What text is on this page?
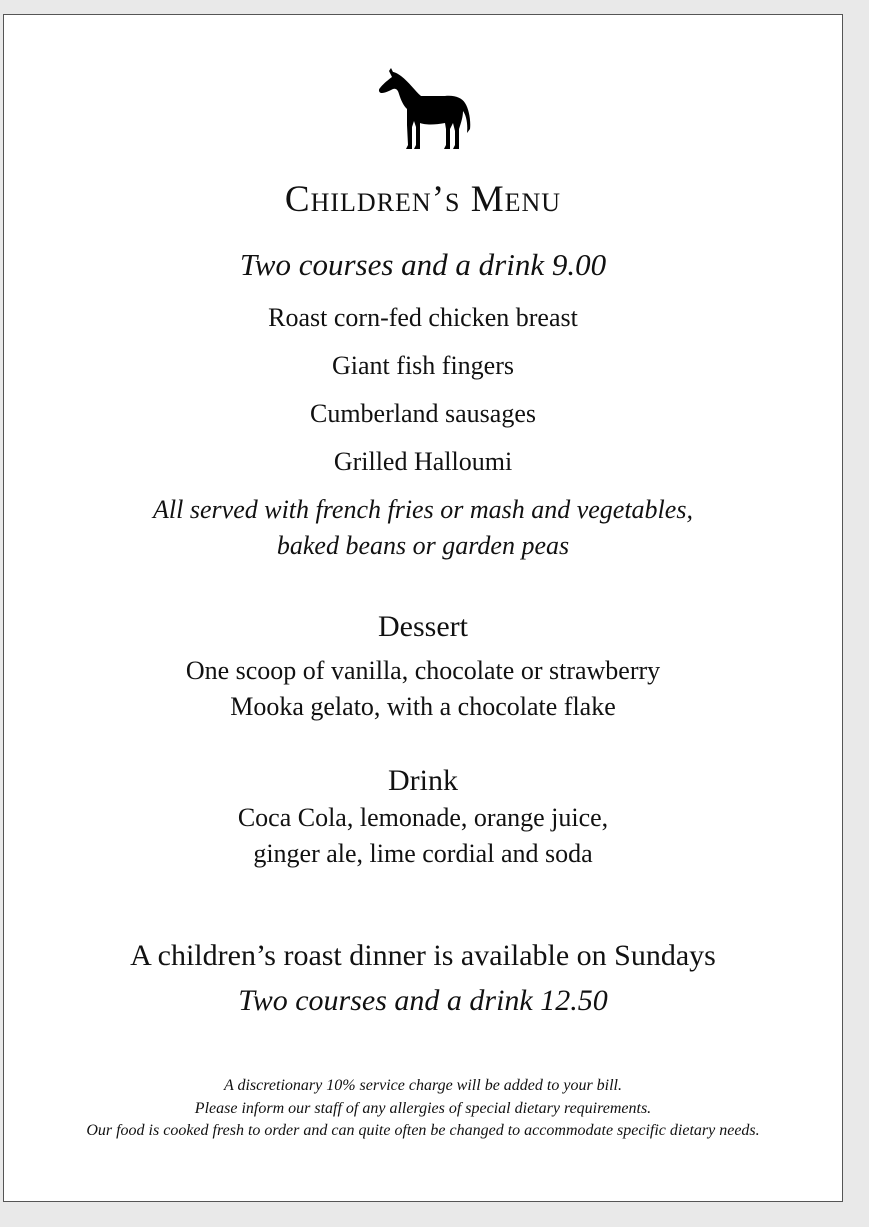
Children’s Menu
Two courses and a drink 9.00
Roast corn-fed chicken breast
Giant fish fingers
Cumberland sausages
Grilled Halloumi
All served with french fries or mash and vegetables,
baked beans or garden peas
Dessert
One scoop of vanilla, chocolate or strawberry
Mooka gelato, with a chocolate flake
Drink
Coca Cola, lemonade, orange juice,
ginger ale, lime cordial and soda
A children’s roast dinner is available on Sundays
Two courses and a drink 12.50
A discretionary 10% service charge will be added to your bill.
Please inform our staff of any allergies of special dietary requirements.
Our food is cooked fresh to order and can quite often be changed to accommodate specific dietary needs.
